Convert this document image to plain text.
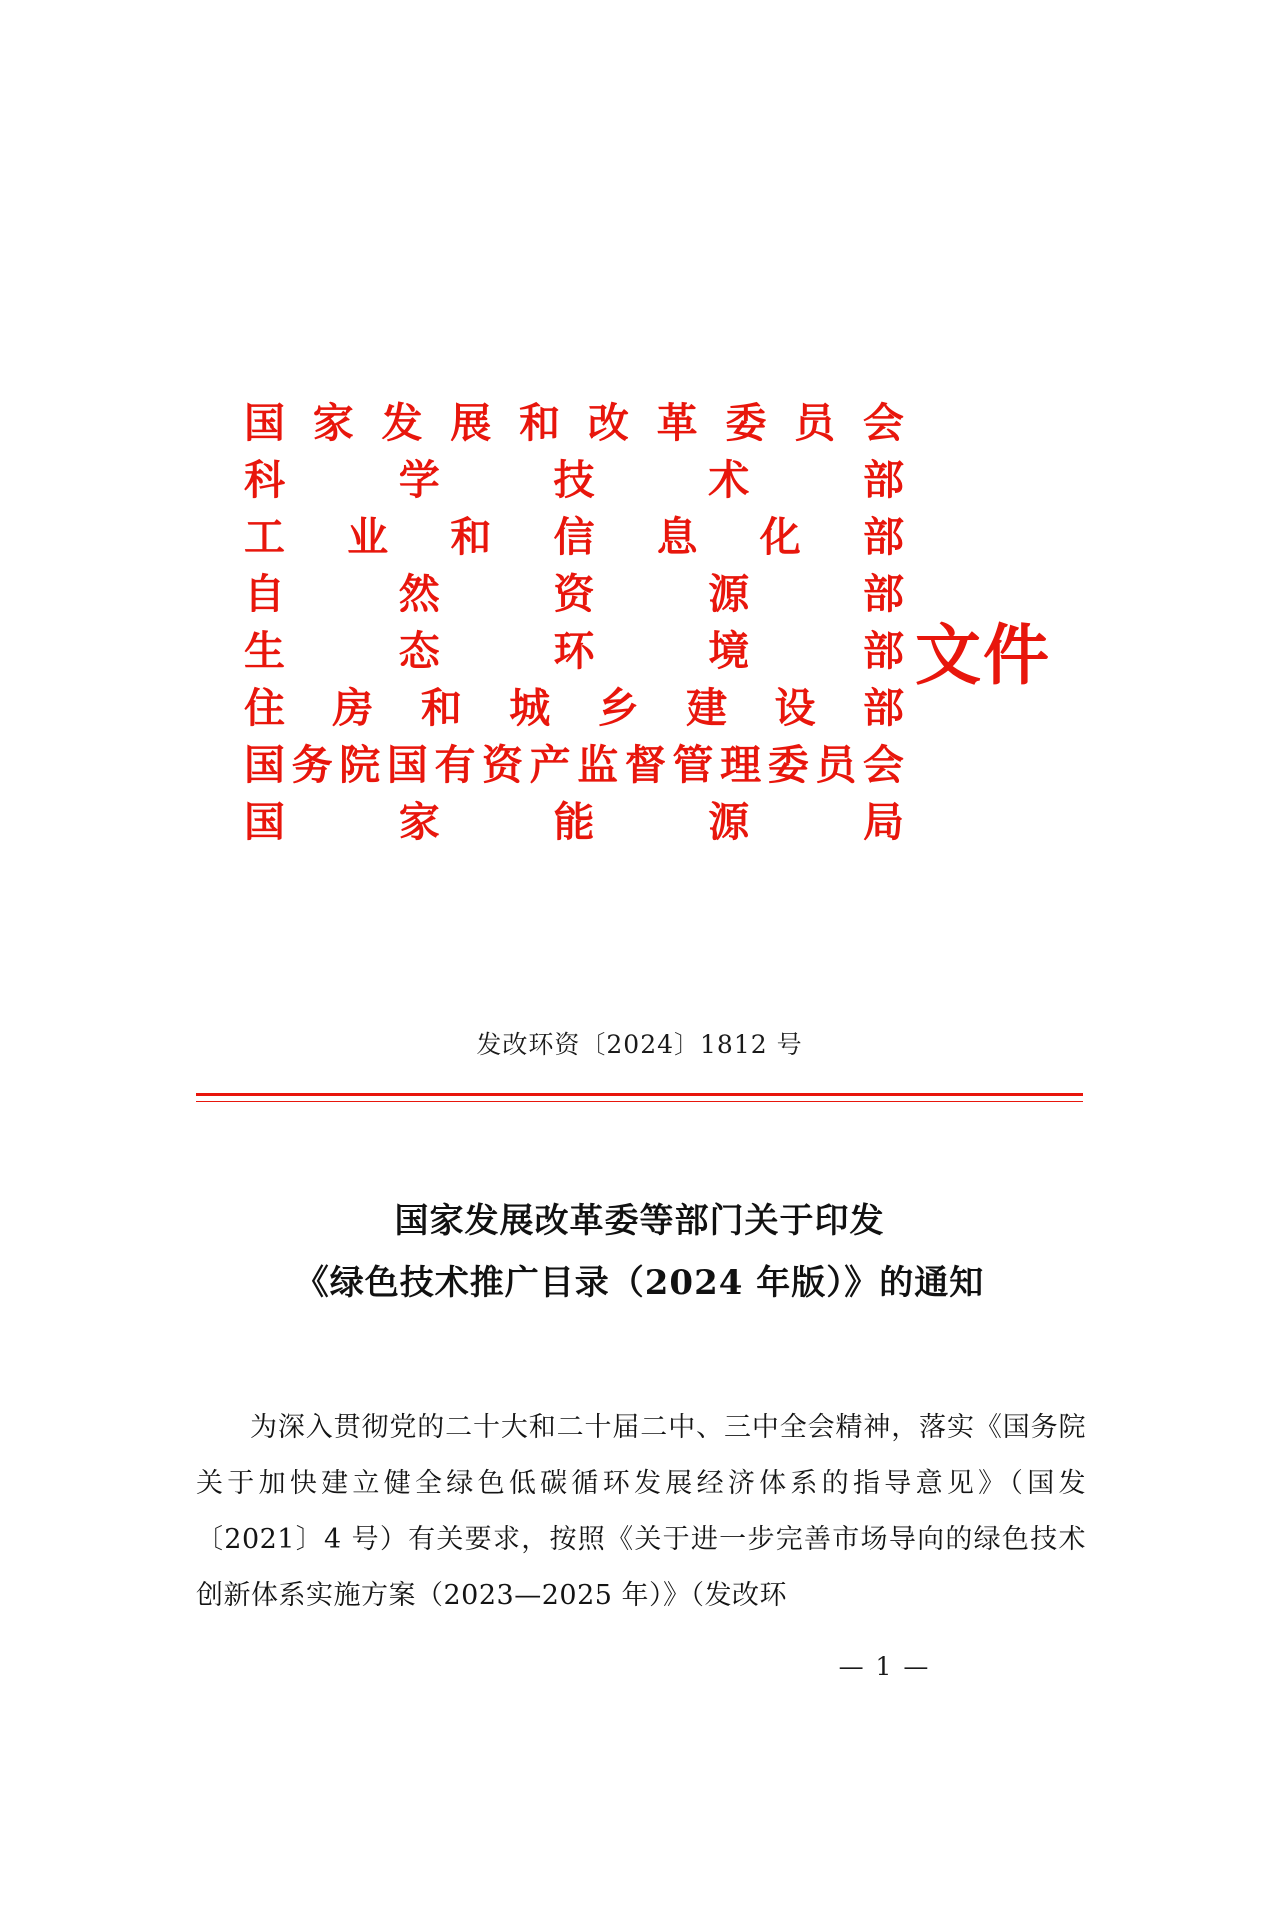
国 家 发 展 和 改 革 委 员 会
科	学	技	术	部
工 业 和 信 息 化 部
自	然	资	源	部
生	态	环	境	部
住 房 和 城 乡 建 设 部
国 务 院 国 有 资 产 监 督 管 理 委 员 会
国	家	能	源	局
文件
发改环资〔2024〕1812 号
国家发展改革委等部门关于印发
《绿色技术推广目录（2024 年版）》的通知

为深入贯彻党的二十大和二十届二中、三中全会精神，落实《国务院关于加快建立健全绿色低碳循环发展经济体系的指导意见》（国发〔2021〕4 号）有关要求，按照《关于进一步完善市场导向的绿色技术创新体系实施方案（2023—2025 年）》（发改环

— 1 —
